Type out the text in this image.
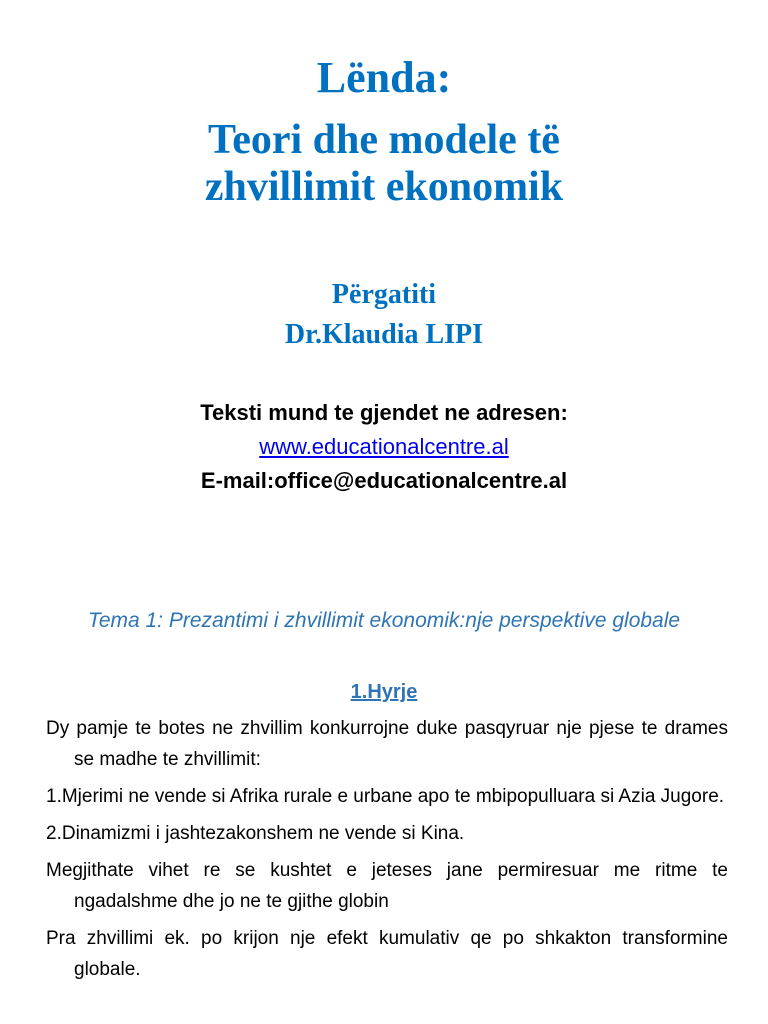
Lënda:
Teori dhe modele të
zhvillimit ekonomik
Përgatiti
Dr.Klaudia LIPI

Teksti mund te gjendet ne adresen:

www.educationalcentre.al

E-mail:office@educationalcentre.al

Tema 1: Prezantimi i zhvillimit ekonomik:nje perspektive globale

1.Hyrje

Dy pamje te botes ne zhvillim konkurrojne duke pasqyruar nje pjese te drames se madhe te zhvillimit:
1.Mjerimi ne vende si Afrika rurale e urbane apo te mbipopulluara si Azia Jugore.
2.Dinamizmi i jashtezakonshem ne vende si Kina.
Megjithate vihet re se kushtet e jeteses jane permiresuar me ritme te ngadalshme dhe jo ne te gjithe globin
Pra zhvillimi ek. po krijon nje efekt kumulativ qe po shkakton transformine globale.
